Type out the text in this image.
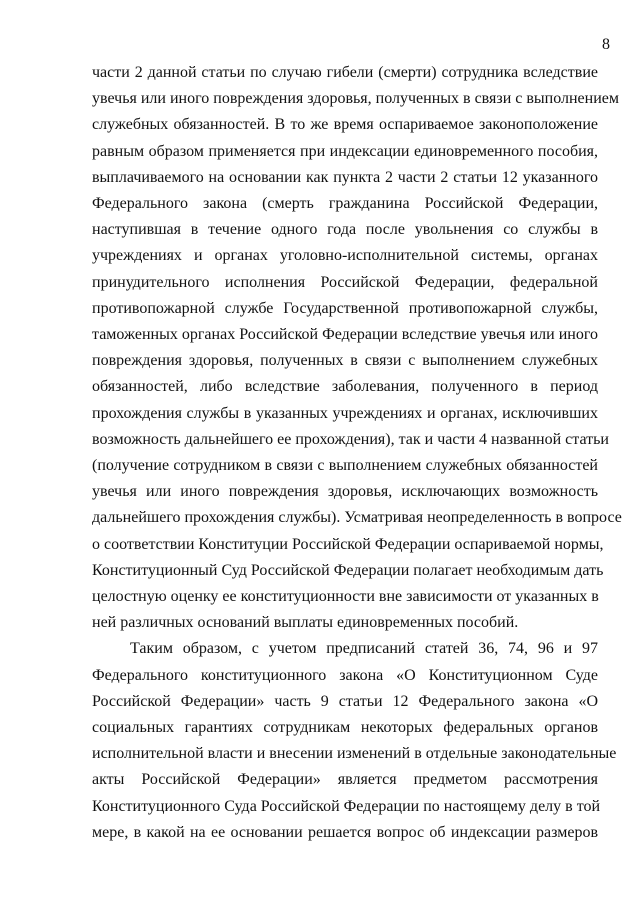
8
части 2 данной статьи по случаю гибели (смерти) сотрудника вследствие
увечья или иного повреждения здоровья, полученных в связи с выполнением
служебных обязанностей. В то же время оспариваемое законоположение
равным образом применяется при индексации единовременного пособия,
выплачиваемого на основании как пункта 2 части 2 статьи 12 указанного
Федерального закона (смерть гражданина Российской Федерации,
наступившая в течение одного года после увольнения со службы в
учреждениях и органах уголовно-исполнительной системы, органах
принудительного исполнения Российской Федерации, федеральной
противопожарной службе Государственной противопожарной службы,
таможенных органах Российской Федерации вследствие увечья или иного
повреждения здоровья, полученных в связи с выполнением служебных
обязанностей, либо вследствие заболевания, полученного в период
прохождения службы в указанных учреждениях и органах, исключивших
возможность дальнейшего ее прохождения), так и части 4 названной статьи
(получение сотрудником в связи с выполнением служебных обязанностей
увечья или иного повреждения здоровья, исключающих возможность
дальнейшего прохождения службы). Усматривая неопределенность в вопросе
о соответствии Конституции Российской Федерации оспариваемой нормы,
Конституционный Суд Российской Федерации полагает необходимым дать
целостную оценку ее конституционности вне зависимости от указанных в
ней различных оснований выплаты единовременных пособий.
Таким образом, с учетом предписаний статей 36, 74, 96 и 97
Федерального конституционного закона «О Конституционном Суде
Российской Федерации» часть 9 статьи 12 Федерального закона «О
социальных гарантиях сотрудникам некоторых федеральных органов
исполнительной власти и внесении изменений в отдельные законодательные
акты Российской Федерации» является предметом рассмотрения
Конституционного Суда Российской Федерации по настоящему делу в той
мере, в какой на ее основании решается вопрос об индексации размеров
